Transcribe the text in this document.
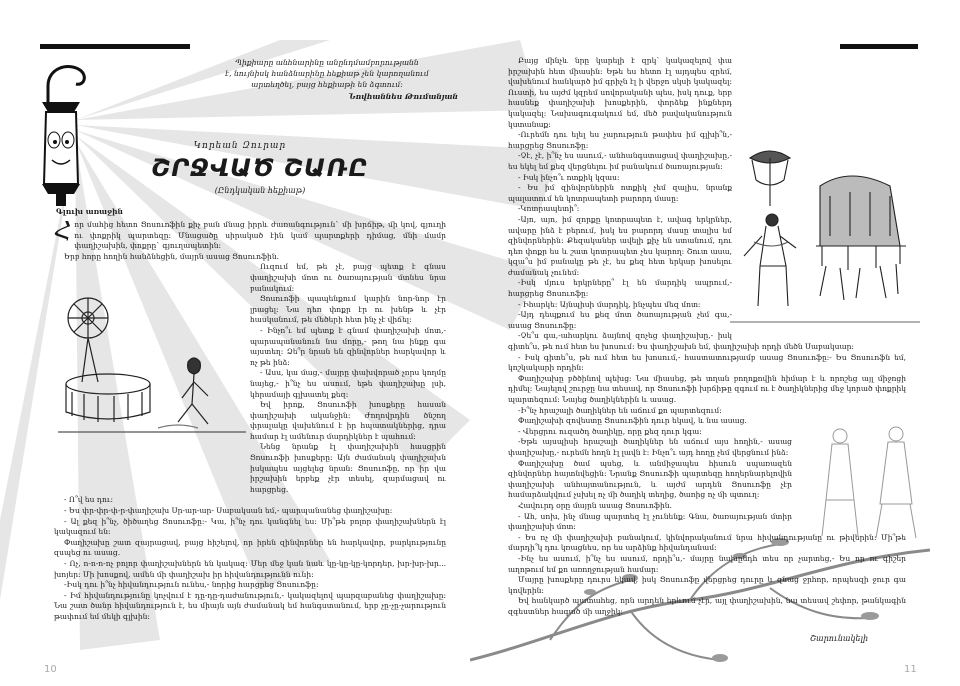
Պիքիարը անհնարինը անընդմամբորությանն
է, նույնիսկ հանձնարինը հեքիաթ չեն կարողանում
արտեղծել, բայց հեքիաթի են ձգտում:
Նովհաննես Թումանյան
Կորեան Զուրար
ՇՐՋՎԱԾ ՇԱՌԸ
(Ընդկական հեքիաթ)
Գլուխ առաջին
Հ որ մահից հետո Ցոսուոֆին քիչ բան մնաց իրրև ժառանգություն` մի խրճիթ, մի կով, գյուղի ու փոքրիկ պարտեզը: Մնացածը սիրակած էին կամ պարտքերի դիմաց, մնի մամր փաղիշախին, փոքրը` գյուղապետին:

Երբ հորը հողին հանձնեցին, մայրն ասաց Ցոսուոֆին.

Ուզում եմ, թե չէ, բայց պետք է գնաս փաղիշախի մոտ ու ծառայության մտնես նրա բանակում:

Ցոսուոֆի պապենքում կարին նոր-նոր էր լրացել: Նա դեռ փոքր էր ու խենթ և չէր հասկանում, թե մեծերի հետ ինչ չէ վիճել:

- Ինչո՞ւ եմ պետք է գնամ փաղիշախի մոտ,- պարապանանուն նա մորը,- թող նա ինքը գա այստեղ: Ձե՞ր նրան են զինվորներ հարկավոր և ոչ թե ինձ:

- Ասս, կա մաց,- մայրը փախվորած չորս կողմը նայեց,- ի՞նչ ես ասում, եթե փաղիշախը լսի, կհրամայի գլխատել քեզ:

Եվ իրոք, Ցոսուոֆի խոսքերը հասան փաղիշախի ականջին: Ժողովրդին ծնշող փրալակը վախենում է իր հպատակներից, դրա համար էլ ամենուր մարդիկներ է պահում:

Նենց նրանք էլ փաղիշախին հասցրին Ցոսուոֆի խոսքերը: Այն ժամանակ փաղիշախն իսկապես այցելեց նրան: Ցոսուոֆը, որ իր վա իրշախին երբեք չէր տեսել, զարմացավ ու հարցրեց.

- Ո՞վ ես դու:

- Ես փր-փր-փ-ր-փաղիշախ Սր-ար-ար- Սաբակսան եմ,- պարպանանեց փաղիշախը:

- Ալ քեզ ի՞նչ, ծիծաղեց Ցոսուոֆը:- Կա, ի՞նչ դու կանգնել ես: Մի՞թե բոլոր փաղիշախներն էլ կակազում են:

Փաղիշախը շատ զայրացավ, բայց հիշելով, որ իրեն զինվորներ են հարկավոր, բարկությունը զսպեց ու ասաց.

- Ոչ, ո-ո-ո-ոչ բոլոր փաղիշախներն են կակազ: Մեր մեջ կան նաև կը-կը-կը-կորդեր, խր-խր-խր... խոյեր: Մի խոսքով, ամեն մի փաղիշախ իր հիվանդությունն ունի:

-Իսկ դու ի՞նչ հիվանդություն ունես,- նորից հարցրեց Ցոսուոֆը:

- Իմ հիվանդությունը կոչվում է դը-դը-դաժանություն,- կակազելով պարզաբանեց փաղիշախը: Նա շատ ծանր հիվանդություն է, ես միայն այն ժամանակ եմ հանգստանում, երբ չը-չը-չարություն թափում եմ մեկի գլխին:

10

Բայց մինչև նրը կարելի է զրկ՝ կակազելով փա իրշախին հետ միասին: Եթե ես հետո էլ այդպես զրեմ, վախենում հանկարծ իմ գրիչն էլ ի վերջո սկսի կակազել: Ուստի, ես այժմ կզրեմ սովորականի պես, իսկ դուք, երբ հասնեք փաղիշախի խոսքերին, փորձեք ինքներդ կակազել: Նախագուգակում եմ, մեծ բավականություն կստանաք:

-Ուրեմն դու ելել ես չարություն թափես իմ գլխի՞ն,- հարցրեց Ցոսուոֆը:

-Չէ, չէ, ի՞նչ ես ասում,- անհանգստացավ փաղիշախը,- ես եկել եմ քեզ վերցնելու իմ բանակում ծառայության:

- Իսկ ինչո՞ւ ոտքիկ կզաս:

- Ես իմ զինվորներին ոտքիկ չեմ զալիս, նրանք պալատում են կոտրապետի բարորդ մասը:

-Կոտրապետի՞:

-Այո, այո, իմ զորքը կոտրապետ է, ավագ երկրներ, ավարը ինձ է բերում, իսկ ես բարորդ մասը տալիս եմ զինվորներին: Քեզականեր ավելի քիչ են ստանում, դու դեռ փոքր ես և շատ կոտրապետ չես կարող: Շուտ ասա, կզա՞ս իմ բանակը թե չէ, ես քեզ հետ երկար խոսելու ժամանակ չունեմ:

-Իսկ մյուս երկրները՞ էլ են մարդիկ ապրում,- հարցրեց Ցոսուոֆը:

- Իհարկե: Այնպիսի մարդիկ, ինչպես մեզ մոտ:

-Այդ դեպքում ես քեզ մոտ ծառայության չեմ գա,- ասաց Ցոսուոֆը:

-Չե՞ս գա,-ահարկու ձայնով զոչեց փաղիշախը,- իսկ գիտե՞ս, թե ում հետ ես խոսում: Ես փաղիշախն եմ, փաղիշախի որդի մեծն Սաբակսար:

- Իսկ գիտե՞ս, թե ում հետ ես խոսում,- հաստատությամբ ասաց Ցոսուոֆը:- Ես Ցոսուոֆն եմ, կոշկակարի որդին:

Փաղիշախը բծծինով պեխց: Նա միասեց, թե տղան բողոքովին հիմար է և որոշեց այլ միջոցի դիմել: Նայելով շուրջը նա տեսավ, որ Ցոսուոֆի խրճիթը զգում ու է ծաղիկներից մեջ կորած փոքրիկ պարտեզում: Նայեց ծաղիկներին և ասաց.

-Ի՞նչ հրաշալի ծաղիկներ են աճում քո պարտեզում:

Փաղիշախի զովեստը Ցոսուոֆին դուր եկավ, և նա ասաց.

- Վերցրու ուզածդ ծաղիկը, որը քեզ դուր կգա:

-Եթե այսպիսի հրաշալի ծաղիկներ են աճում այս հողին,- ասաց փաղիշախը,- ուրեմն հողն էլ լավն է: Ինչո՞ւ այդ հողը չեմ վերցնում ինձ:

Փաղիշախը ծամ պսեց, և անմիջապես հիսուն սպառազեն զինվորներ հայտնվեցին: Նրանք Ցոսուոֆի պարտեզը հողերնարելովին փաղիշախի անհայտանություն, և այժմ արդեն Ցոսուոֆը չէր համարձակվում չսխել ոչ մի ծաղիկ տեղից, ծառից ոչ մի պտուղ:

Հավուրդ օրը մայրն ասաց Ցոսուոֆին.

- Ահ, սոխ, ինչ մնաց պարտեզ էլ չունենք: Գնա, ծառայության մտիր փաղիշախի մոտ:

- Ես ոչ մի փաղիշախի բանակում, կինվորականում նրա հիվանդությանը ու թիվերին: Մի՞թե մարդի՞կ դու կռացնես, որ ես արձինք հիվանդանամ:

-Ինչ ես ասում, ի՞նչ ես ասում, որդի՞ս,- մայրը նախընդհ տես որ չարտեց,- Ես որ ու գիշեր աղոթում եմ քո առողջության համար:

Մայրը խոսքերը դուրս եկավ, իսկ Ցոսուոֆը վերցրեց դուրը և զնաց ջրհոր, որպեսզի ջուր գա կովերին:

Եվ հանկարծ պատահեց, որն արդեն երևում չէր, այլ փաղիշախին, նա տեսավ շեփոր, թանկագին զգեստներ հագած մի աղջիկ:

Շարունակելի
11
